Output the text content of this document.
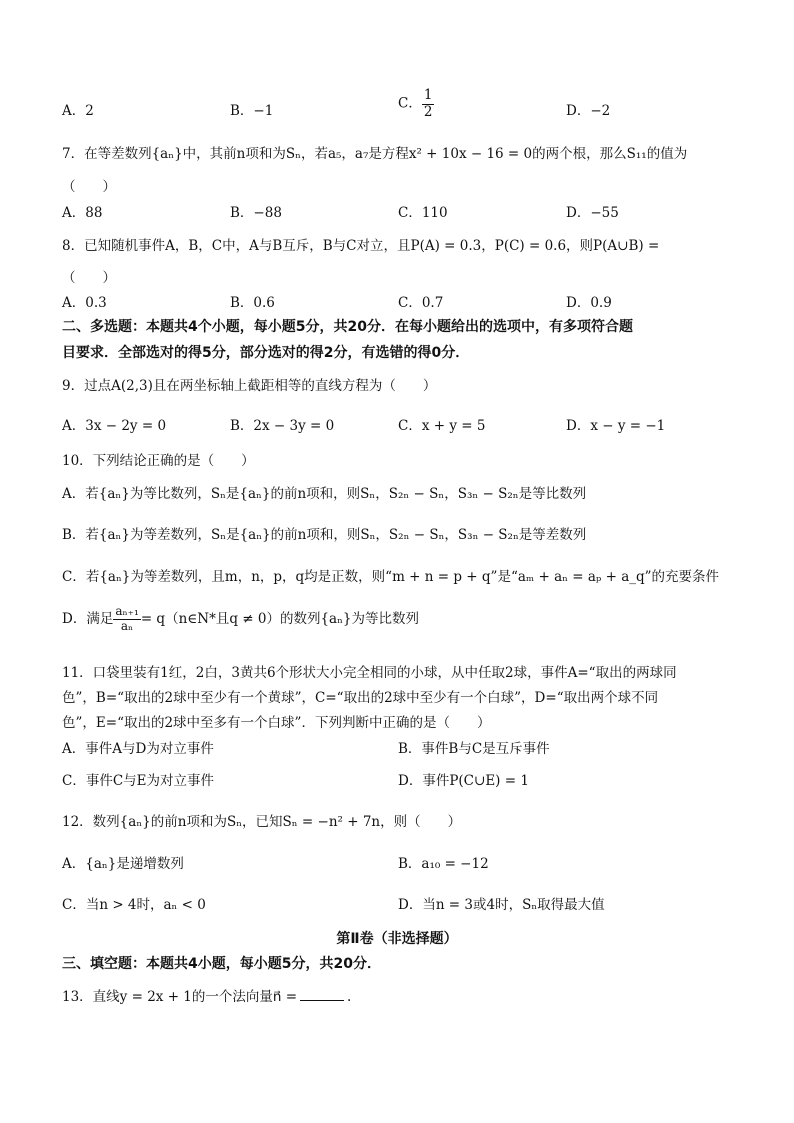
A．2	B．−1	C． $\frac{1}{2}$	D．−2
7．在等差数列{aₙ}中，其前n项和为Sₙ，若a₅，a₇是方程x² + 10x − 16 = 0的两个根，那么S₁₁的值为
（　　）
A．88	B．−88	C．110	D．−55
8．已知随机事件A，B，C中，A与B互斥，B与C对立，且P(A) = 0.3，P(C) = 0.6，则P(A∪B) =
（　　）
A．0.3	B．0.6	C．0.7	D．0.9
二、多选题：本题共4个小题，每小题5分，共20分．在每小题给出的选项中，有多项符合题
目要求．全部选对的得5分，部分选对的得2分，有选错的得0分．
9．过点A(2,3)且在两坐标轴上截距相等的直线方程为（　　）
A．3x − 2y = 0	B．2x − 3y = 0	C．x + y = 5	D．x − y = −1
10．下列结论正确的是（　　）
A．若{aₙ}为等比数列，Sₙ是{aₙ}的前n项和，则Sₙ，S₂ₙ − Sₙ，S₃ₙ − S₂ₙ是等比数列
B．若{aₙ}为等差数列，Sₙ是{aₙ}的前n项和，则Sₙ，S₂ₙ − Sₙ，S₃ₙ − S₂ₙ是等差数列
C．若{aₙ}为等差数列，且m，n，p，q均是正数，则“m + n = p + q”是“aₘ + aₙ = aₚ + a_q”的充要条件
D．满足 $\frac{\text{aₙ₊₁}}{\text{aₙ}}$ = q（n∈N*且q ≠ 0）的数列{aₙ}为等比数列
11．口袋里装有1红，2白，3黄共6个形状大小完全相同的小球，从中任取2球，事件A=“取出的两球同
色”，B=“取出的2球中至少有一个黄球”，C=“取出的2球中至少有一个白球”，D=“取出两个球不同
色”，E=“取出的2球中至多有一个白球”．下列判断中正确的是（　　）
A．事件A与D为对立事件	B．事件B与C是互斥事件
C．事件C与E为对立事件	D．事件P(C∪E) = 1
12．数列{aₙ}的前n项和为Sₙ，已知Sₙ = −n² + 7n，则（　　）
A．{aₙ}是递增数列	B．a₁₀ = −12
C．当n > 4时，aₙ < 0	D．当n = 3或4时，Sₙ取得最大值
第Ⅱ卷（非选择题）
三、填空题：本题共4小题，每小题5分，共20分．
13．直线y = 2x + 1的一个法向量n⃗ =	.
